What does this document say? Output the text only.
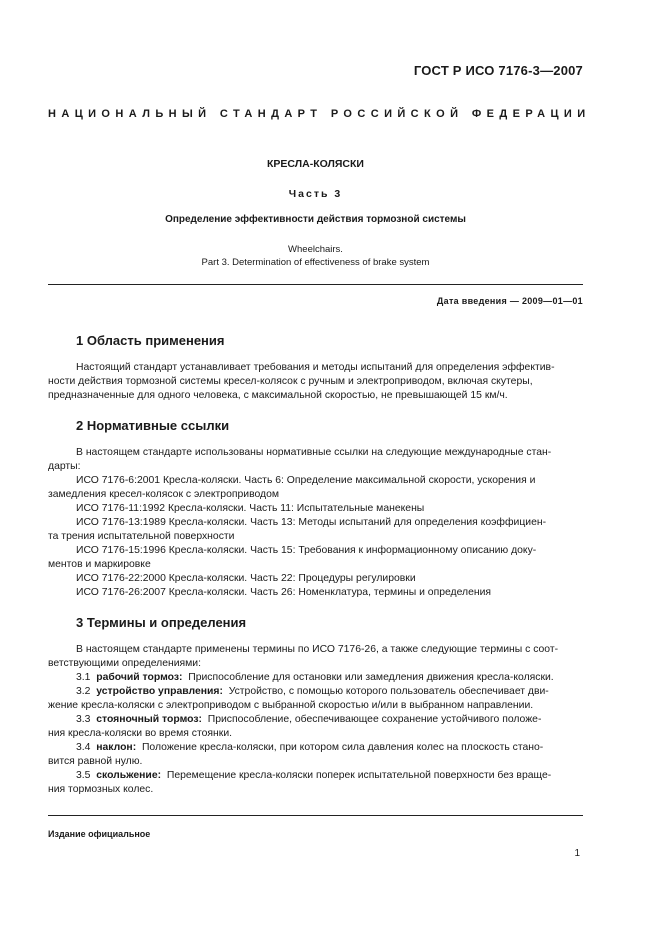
ГОСТ Р ИСО 7176-3—2007
НАЦИОНАЛЬНЫЙ СТАНДАРТ РОССИЙСКОЙ ФЕДЕРАЦИИ
КРЕСЛА-КОЛЯСКИ
Часть 3
Определение эффективности действия тормозной системы
Wheelchairs.
Part 3. Determination of effectiveness of brake system
Дата введения — 2009—01—01
1 Область применения
Настоящий стандарт устанавливает требования и методы испытаний для определения эффектив-
ности действия тормозной системы кресел-колясок с ручным и электроприводом, включая скутеры,
предназначенные для одного человека, с максимальной скоростью, не превышающей 15 км/ч.
2 Нормативные ссылки
В настоящем стандарте использованы нормативные ссылки на следующие международные стан-
дарты:
ИСО 7176-6:2001 Кресла-коляски. Часть 6: Определение максимальной скорости, ускорения и
замедления кресел-колясок с электроприводом
ИСО 7176-11:1992 Кресла-коляски. Часть 11: Испытательные манекены
ИСО 7176-13:1989 Кресла-коляски. Часть 13: Методы испытаний для определения коэффициен-
та трения испытательной поверхности
ИСО 7176-15:1996 Кресла-коляски. Часть 15: Требования к информационному описанию доку-
ментов и маркировке
ИСО 7176-22:2000 Кресла-коляски. Часть 22: Процедуры регулировки
ИСО 7176-26:2007 Кресла-коляски. Часть 26: Номенклатура, термины и определения
3 Термины и определения
В настоящем стандарте применены термины по ИСО 7176-26, а также следующие термины с соот-
ветствующими определениями:
3.1 рабочий тормоз: Приспособление для остановки или замедления движения кресла-коляски.
3.2 устройство управления: Устройство, с помощью которого пользователь обеспечивает дви-
жение кресла-коляски с электроприводом с выбранной скоростью и/или в выбранном направлении.
3.3 стояночный тормоз: Приспособление, обеспечивающее сохранение устойчивого положе-
ния кресла-коляски во время стоянки.
3.4 наклон: Положение кресла-коляски, при котором сила давления колес на плоскость стано-
вится равной нулю.
3.5 скольжение: Перемещение кресла-коляски поперек испытательной поверхности без враще-
ния тормозных колес.
Издание официальное
1
